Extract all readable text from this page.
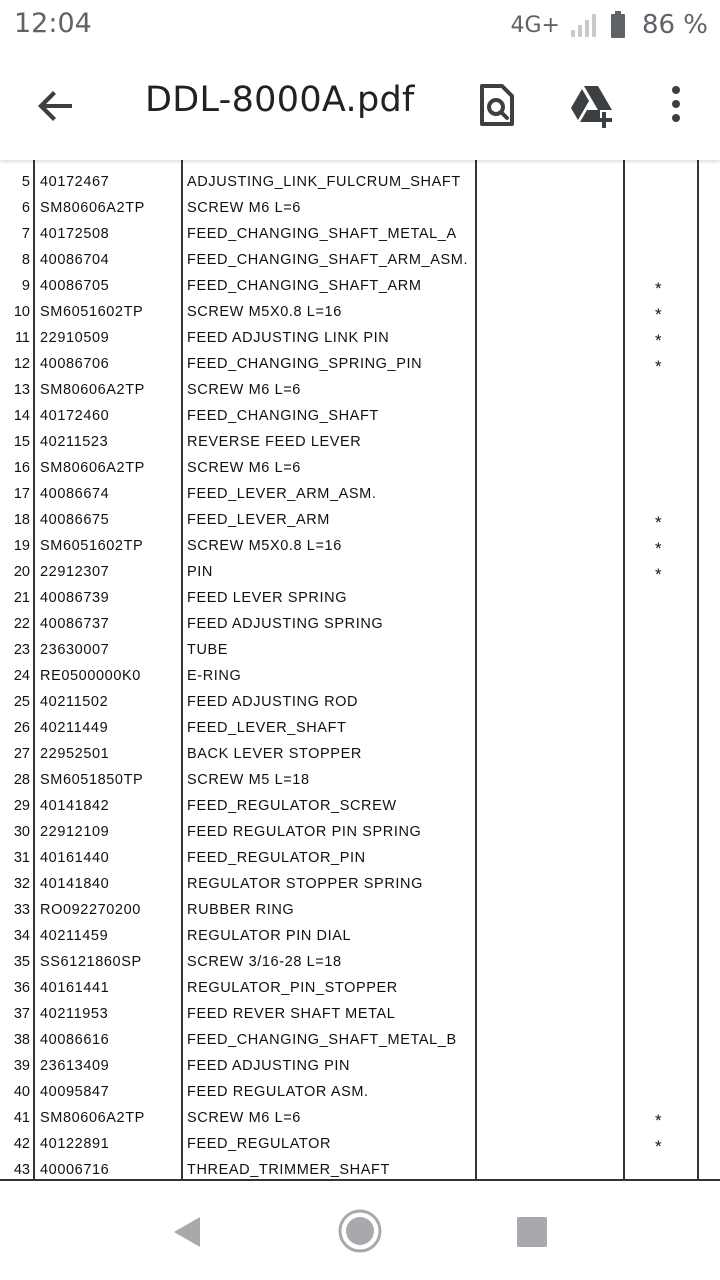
12:04	4G+	86 %
DDL-8000A.pdf
5 40172467	ADJUSTING_LINK_FULCRUM_SHAFT
6 SM80606A2TP	SCREW M6 L=6
7 40172508	FEED_CHANGING_SHAFT_METAL_A
8 40086704	FEED_CHANGING_SHAFT_ARM_ASM.
9 40086705	FEED_CHANGING_SHAFT_ARM	*
10 SM6051602TP	SCREW M5X0.8 L=16	*
11 22910509	FEED ADJUSTING LINK PIN	*
12 40086706	FEED_CHANGING_SPRING_PIN	*
13 SM80606A2TP	SCREW M6 L=6
14 40172460	FEED_CHANGING_SHAFT
15 40211523	REVERSE FEED LEVER
16 SM80606A2TP	SCREW M6 L=6
17 40086674	FEED_LEVER_ARM_ASM.
18 40086675	FEED_LEVER_ARM	*
19 SM6051602TP	SCREW M5X0.8 L=16	*
20 22912307	PIN	*
21 40086739	FEED LEVER SPRING
22 40086737	FEED ADJUSTING SPRING
23 23630007	TUBE
24 RE0500000K0	E-RING
25 40211502	FEED ADJUSTING ROD
26 40211449	FEED_LEVER_SHAFT
27 22952501	BACK LEVER STOPPER
28 SM6051850TP	SCREW M5 L=18
29 40141842	FEED_REGULATOR_SCREW
30 22912109	FEED REGULATOR PIN SPRING
31 40161440	FEED_REGULATOR_PIN
32 40141840	REGULATOR STOPPER SPRING
33 RO092270200	RUBBER RING
34 40211459	REGULATOR PIN DIAL
35 SS6121860SP	SCREW 3/16-28 L=18
36 40161441	REGULATOR_PIN_STOPPER
37 40211953	FEED REVER SHAFT METAL
38 40086616	FEED_CHANGING_SHAFT_METAL_B
39 23613409	FEED ADJUSTING PIN
40 40095847	FEED REGULATOR ASM.
41 SM80606A2TP	SCREW M6 L=6	*
42 40122891	FEED_REGULATOR	*
43 40006716	THREAD_TRIMMER_SHAFT
